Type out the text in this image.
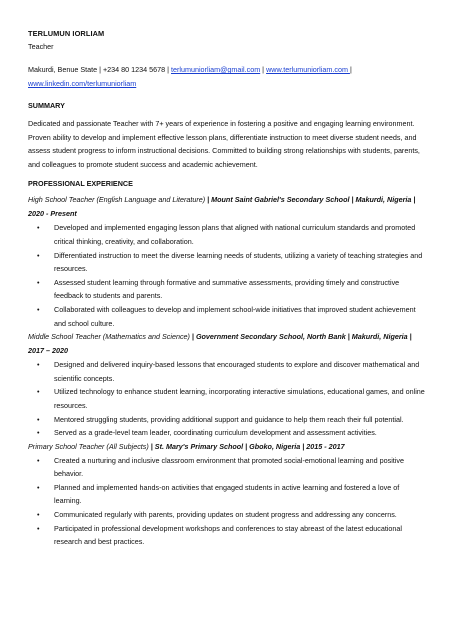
TERLUMUN IORLIAM
Teacher
Makurdi, Benue State | +234 80 1234 5678 | terlumuniorliam@gmail.com | www.terlumuniorliam.com |
www.linkedin.com/terlumuniorliam
SUMMARY
Dedicated and passionate Teacher with 7+ years of experience in fostering a positive and engaging learning environment. Proven ability to develop and implement effective lesson plans, differentiate instruction to meet diverse student needs, and assess student progress to inform instructional decisions. Committed to building strong relationships with students, parents, and colleagues to promote student success and academic achievement.
PROFESSIONAL EXPERIENCE
High School Teacher (English Language and Literature) | Mount Saint Gabriel's Secondary School | Makurdi, Nigeria | 2020 - Present
• Developed and implemented engaging lesson plans that aligned with national curriculum standards and promoted critical thinking, creativity, and collaboration.
• Differentiated instruction to meet the diverse learning needs of students, utilizing a variety of teaching strategies and resources.
• Assessed student learning through formative and summative assessments, providing timely and constructive feedback to students and parents.
• Collaborated with colleagues to develop and implement school-wide initiatives that improved student achievement and school culture.
Middle School Teacher (Mathematics and Science) | Government Secondary School, North Bank | Makurdi, Nigeria | 2017 – 2020
• Designed and delivered inquiry-based lessons that encouraged students to explore and discover mathematical and scientific concepts.
• Utilized technology to enhance student learning, incorporating interactive simulations, educational games, and online resources.
• Mentored struggling students, providing additional support and guidance to help them reach their full potential.
• Served as a grade-level team leader, coordinating curriculum development and assessment activities.
Primary School Teacher (All Subjects) | St. Mary's Primary School | Gboko, Nigeria | 2015 - 2017
• Created a nurturing and inclusive classroom environment that promoted social-emotional learning and positive behavior.
• Planned and implemented hands-on activities that engaged students in active learning and fostered a love of learning.
• Communicated regularly with parents, providing updates on student progress and addressing any concerns.
• Participated in professional development workshops and conferences to stay abreast of the latest educational research and best practices.
